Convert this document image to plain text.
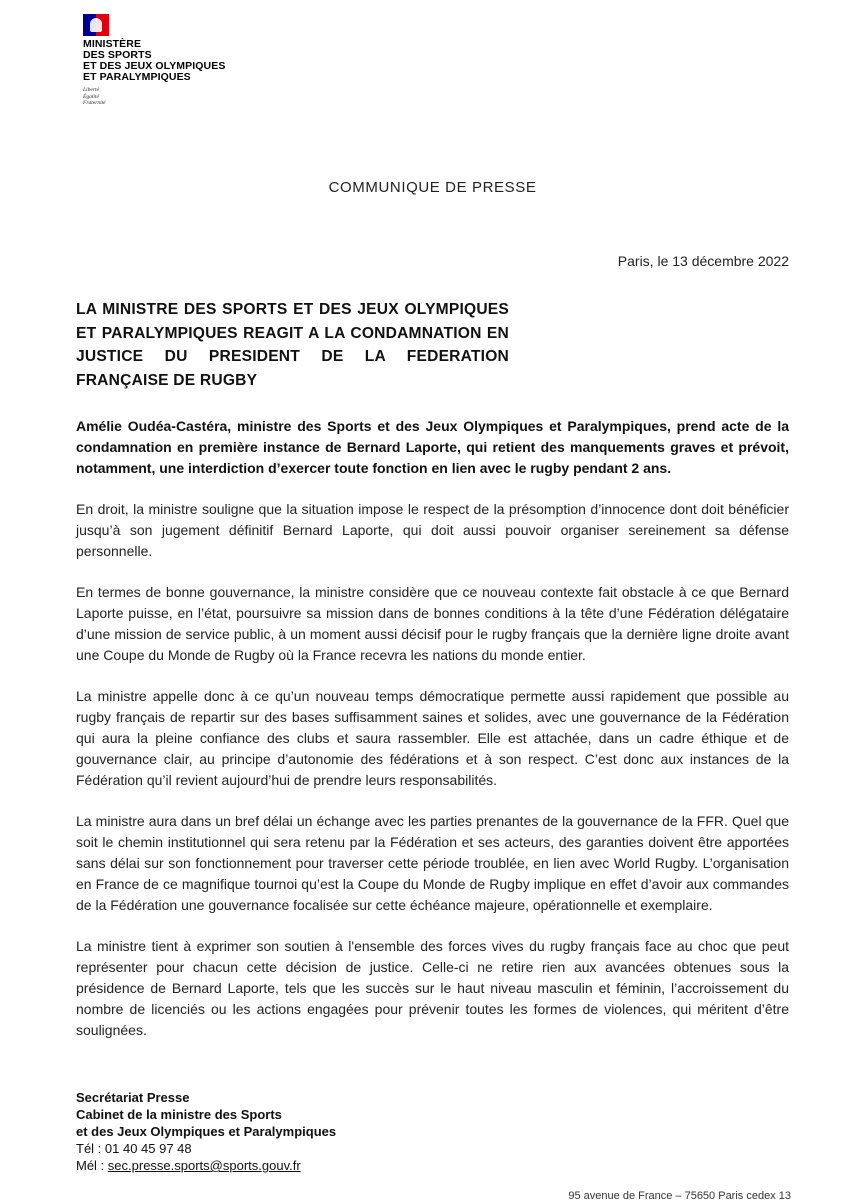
MINISTÈRE
DES SPORTS
ET DES JEUX OLYMPIQUES
ET PARALYMPIQUES
Liberté
Égalité
Fraternité
COMMUNIQUE DE PRESSE
Paris, le 13 décembre 2022
LA MINISTRE DES SPORTS ET DES JEUX OLYMPIQUES ET PARALYMPIQUES REAGIT A LA CONDAMNATION EN JUSTICE DU PRESIDENT DE LA FEDERATION FRANÇAISE DE RUGBY

Amélie Oudéa-Castéra, ministre des Sports et des Jeux Olympiques et Paralympiques, prend acte de la condamnation en première instance de Bernard Laporte, qui retient des manquements graves et prévoit, notamment, une interdiction d’exercer toute fonction en lien avec le rugby pendant 2 ans.

En droit, la ministre souligne que la situation impose le respect de la présomption d’innocence dont doit bénéficier jusqu’à son jugement définitif Bernard Laporte, qui doit aussi pouvoir organiser sereinement sa défense personnelle.

En termes de bonne gouvernance, la ministre considère que ce nouveau contexte fait obstacle à ce que Bernard Laporte puisse, en l’état, poursuivre sa mission dans de bonnes conditions à la tête d’une Fédération délégataire d’une mission de service public, à un moment aussi décisif pour le rugby français que la dernière ligne droite avant une Coupe du Monde de Rugby où la France recevra les nations du monde entier.

La ministre appelle donc à ce qu’un nouveau temps démocratique permette aussi rapidement que possible au rugby français de repartir sur des bases suffisamment saines et solides, avec une gouvernance de la Fédération qui aura la pleine confiance des clubs et saura rassembler. Elle est attachée, dans un cadre éthique et de gouvernance clair, au principe d’autonomie des fédérations et à son respect. C’est donc aux instances de la Fédération qu’il revient aujourd’hui de prendre leurs responsabilités.

La ministre aura dans un bref délai un échange avec les parties prenantes de la gouvernance de la FFR. Quel que soit le chemin institutionnel qui sera retenu par la Fédération et ses acteurs, des garanties doivent être apportées sans délai sur son fonctionnement pour traverser cette période troublée, en lien avec World Rugby. L’organisation en France de ce magnifique tournoi qu’est la Coupe du Monde de Rugby implique en effet d’avoir aux commandes de la Fédération une gouvernance focalisée sur cette échéance majeure, opérationnelle et exemplaire.

La ministre tient à exprimer son soutien à l'ensemble des forces vives du rugby français face au choc que peut représenter pour chacun cette décision de justice. Celle-ci ne retire rien aux avancées obtenues sous la présidence de Bernard Laporte, tels que les succès sur le haut niveau masculin et féminin, l’accroissement du nombre de licenciés ou les actions engagées pour prévenir toutes les formes de violences, qui méritent d’être soulignées.

Secrétariat Presse
Cabinet de la ministre des Sports
et des Jeux Olympiques et Paralympiques
Tél : 01 40 45 97 48
Mél : sec.presse.sports@sports.gouv.fr
95 avenue de France – 75650 Paris cedex 13
